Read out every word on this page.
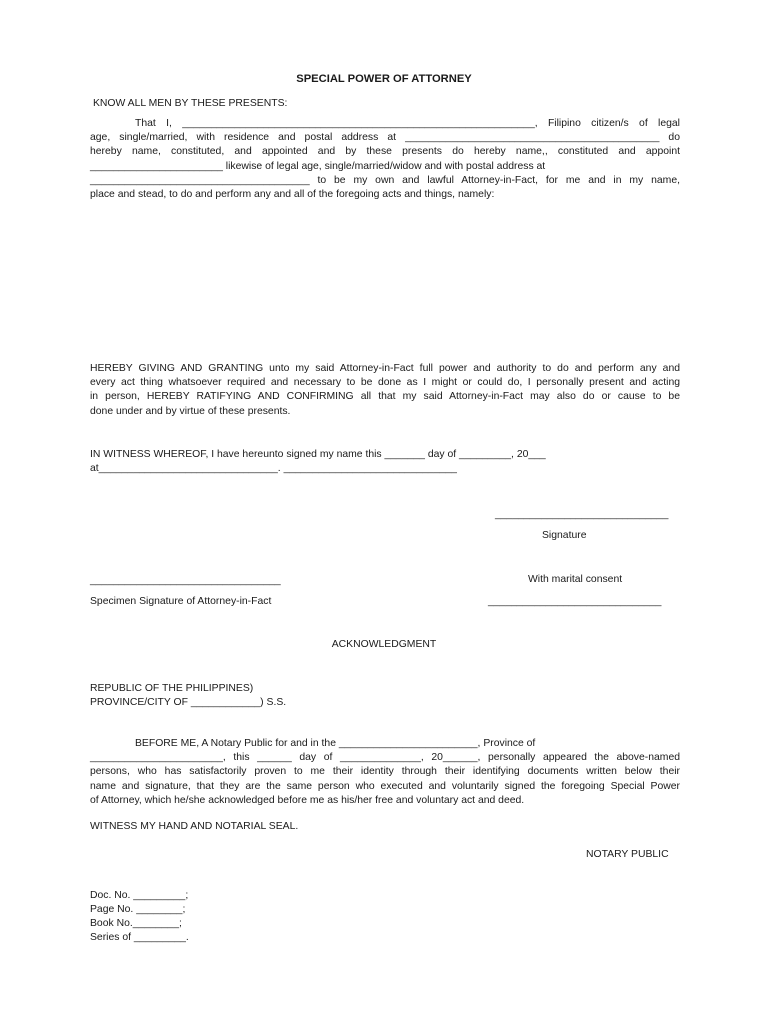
SPECIAL POWER OF ATTORNEY
KNOW ALL MEN BY THESE PRESENTS:
That I, _____________________________________________________________, Filipino citizen/s of legal
age, single/married, with residence and postal address at ____________________________________________ do
hereby name, constituted, and appointed and by these presents do hereby name,, constituted and appoint
_______________________ likewise of legal age, single/married/widow and with postal address at
______________________________________ to be my own and lawful Attorney-in-Fact, for me and in my name,
place and stead, to do and perform any and all of the foregoing acts and things, namely:
HEREBY GIVING AND GRANTING unto my said Attorney-in-Fact full power and authority to do and perform any and
every act thing whatsoever required and necessary to be done as I might or could do, I personally present and acting
in person, HEREBY RATIFYING AND CONFIRMING all that my said Attorney-in-Fact may also do or cause to be
done under and by virtue of these presents.
IN WITNESS WHEREOF, I have hereunto signed my name this _______ day of _________, 20___
at_______________________________. ______________________________
______________________________
Signature
_________________________________	With marital consent
Specimen Signature of Attorney-in-Fact	______________________________
ACKNOWLEDGMENT
REPUBLIC OF THE PHILIPPINES)
PROVINCE/CITY OF ____________) S.S.
BEFORE ME, A Notary Public for and in the ________________________, Province of
_______________________, this ______ day of ______________, 20______, personally appeared the above-named
persons, who has satisfactorily proven to me their identity through their identifying documents written below their
name and signature, that they are the same person who executed and voluntarily signed the foregoing Special Power
of Attorney, which he/she acknowledged before me as his/her free and voluntary act and deed.
WITNESS MY HAND AND NOTARIAL SEAL.
NOTARY PUBLIC
Doc. No. _________;
Page No. ________;
Book No.________;
Series of _________.
